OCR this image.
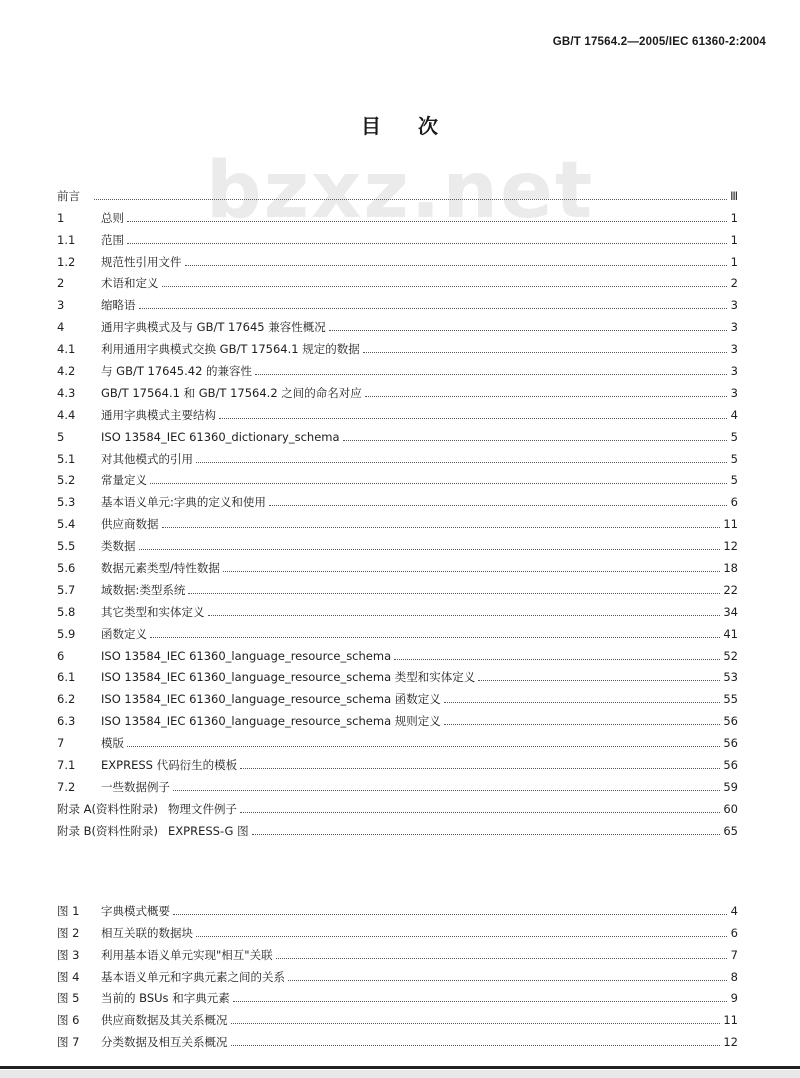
GB/T 17564.2—2005/IEC 61360-2:2004
bzxz.net
目 次
前言	Ⅲ
1	总则	1
1.1	范围	1
1.2	规范性引用文件	1
2	术语和定义	2
3	缩略语	3
4	通用字典模式及与 GB/T 17645 兼容性概况	3
4.1	利用通用字典模式交换 GB/T 17564.1 规定的数据	3
4.2	与 GB/T 17645.42 的兼容性	3
4.3	GB/T 17564.1 和 GB/T 17564.2 之间的命名对应	3
4.4	通用字典模式主要结构	4
5	ISO 13584_IEC 61360_dictionary_schema	5
5.1	对其他模式的引用	5
5.2	常量定义	5
5.3	基本语义单元:字典的定义和使用	6
5.4	供应商数据	11
5.5	类数据	12
5.6	数据元素类型/特性数据	18
5.7	域数据:类型系统	22
5.8	其它类型和实体定义	34
5.9	函数定义	41
6	ISO 13584_IEC 61360_language_resource_schema	52
6.1	ISO 13584_IEC 61360_language_resource_schema 类型和实体定义	53
6.2	ISO 13584_IEC 61360_language_resource_schema 函数定义	55
6.3	ISO 13584_IEC 61360_language_resource_schema 规则定义	56
7	模版	56
7.1	EXPRESS 代码衍生的模板	56
7.2	一些数据例子	59
附录 A(资料性附录) 物理文件例子	60
附录 B(资料性附录) EXPRESS-G 图	65
图 1	字典模式概要	4
图 2	相互关联的数据块	6
图 3	利用基本语义单元实现"相互"关联	7
图 4	基本语义单元和字典元素之间的关系	8
图 5	当前的 BSUs 和字典元素	9
图 6	供应商数据及其关系概况	11
图 7	分类数据及相互关系概况	12
